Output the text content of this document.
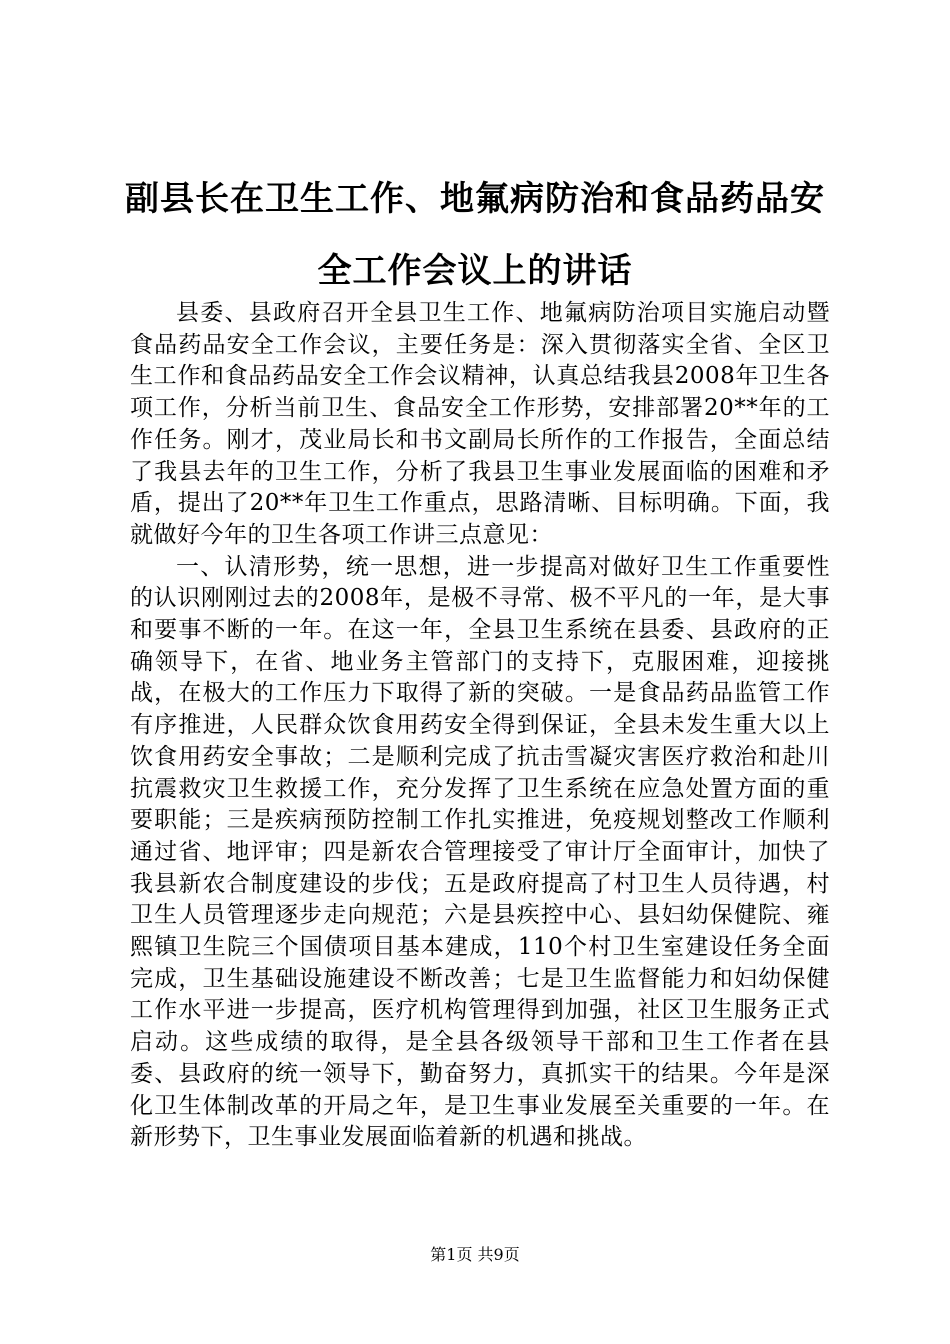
副县长在卫生工作、地氟病防治和食品药品安全工作会议上的讲话

县委、县政府召开全县卫生工作、地氟病防治项目实施启动暨食品药品安全工作会议，主要任务是：深入贯彻落实全省、全区卫生工作和食品药品安全工作会议精神，认真总结我县2008年卫生各项工作，分析当前卫生、食品安全工作形势，安排部署20**年的工作任务。刚才，茂业局长和书文副局长所作的工作报告，全面总结了我县去年的卫生工作，分析了我县卫生事业发展面临的困难和矛盾，提出了20**年卫生工作重点，思路清晰、目标明确。下面，我就做好今年的卫生各项工作讲三点意见：

一、认清形势，统一思想，进一步提高对做好卫生工作重要性的认识刚刚过去的2008年，是极不寻常、极不平凡的一年，是大事和要事不断的一年。在这一年，全县卫生系统在县委、县政府的正确领导下，在省、地业务主管部门的支持下，克服困难，迎接挑战，在极大的工作压力下取得了新的突破。一是食品药品监管工作有序推进，人民群众饮食用药安全得到保证，全县未发生重大以上饮食用药安全事故；二是顺利完成了抗击雪凝灾害医疗救治和赴川抗震救灾卫生救援工作，充分发挥了卫生系统在应急处置方面的重要职能；三是疾病预防控制工作扎实推进，免疫规划整改工作顺利通过省、地评审；四是新农合管理接受了审计厅全面审计，加快了我县新农合制度建设的步伐；五是政府提高了村卫生人员待遇，村卫生人员管理逐步走向规范；六是县疾控中心、县妇幼保健院、雍熙镇卫生院三个国债项目基本建成，110个村卫生室建设任务全面完成，卫生基础设施建设不断改善；七是卫生监督能力和妇幼保健工作水平进一步提高，医疗机构管理得到加强，社区卫生服务正式启动。这些成绩的取得，是全县各级领导干部和卫生工作者在县委、县政府的统一领导下，勤奋努力，真抓实干的结果。今年是深化卫生体制改革的开局之年，是卫生事业发展至关重要的一年。在新形势下，卫生事业发展面临着新的机遇和挑战。

第1页 共9页
